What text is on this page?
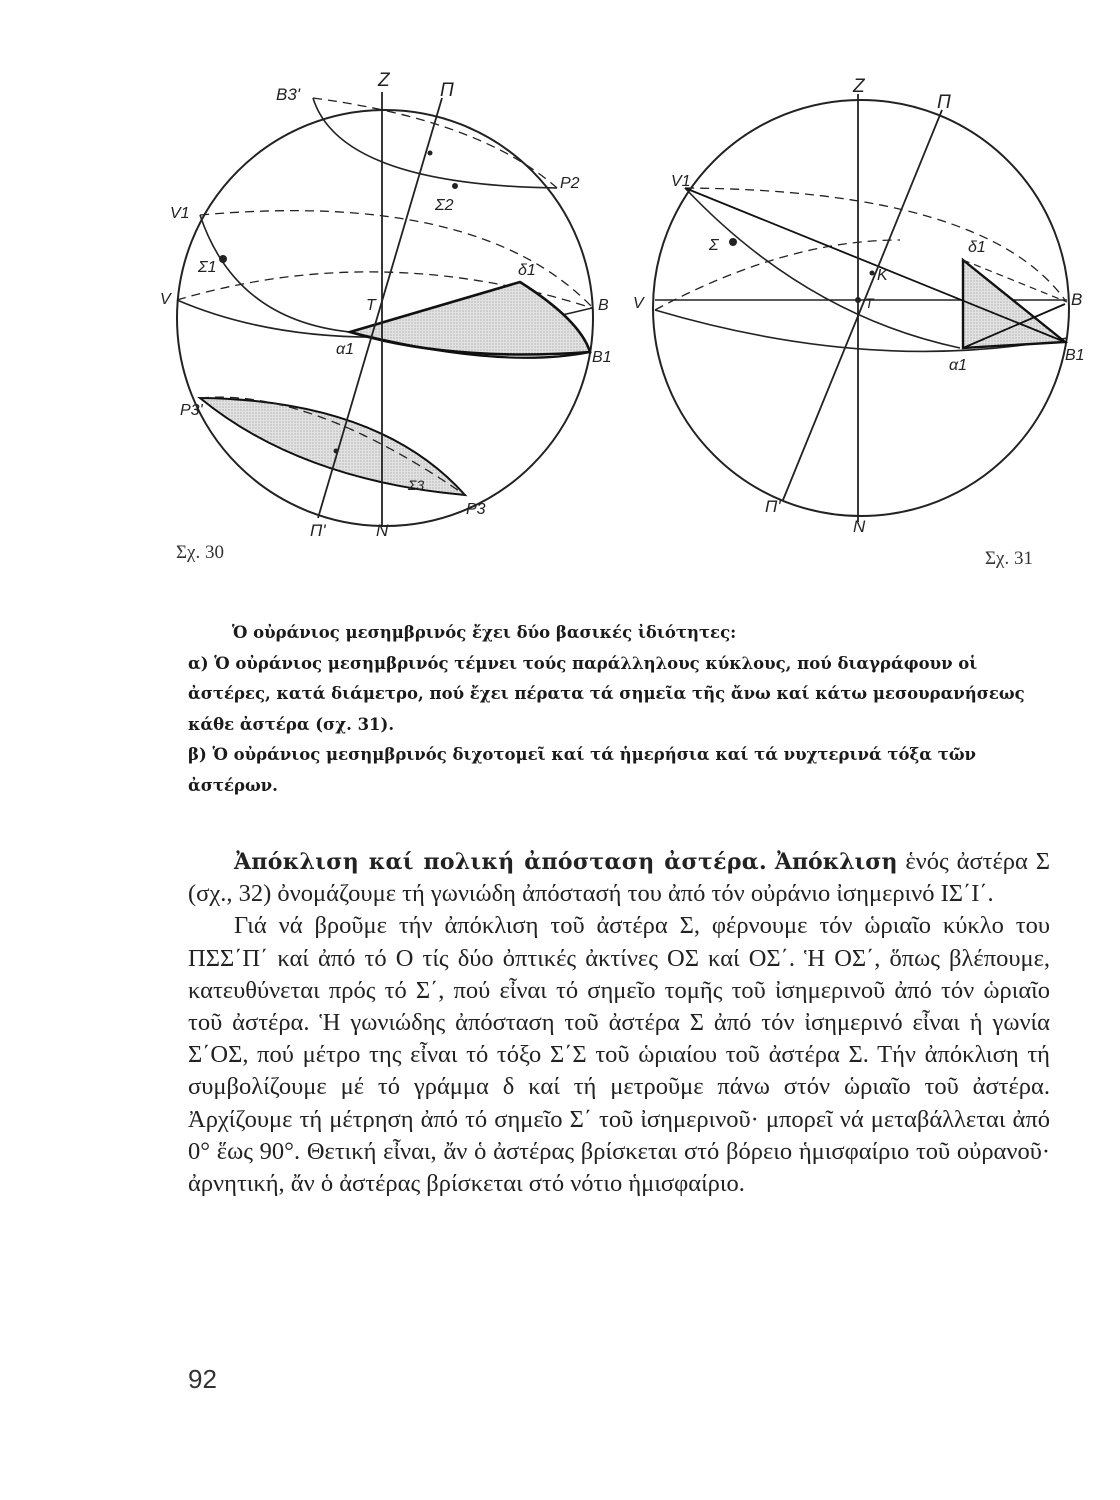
Z	Π
B3'
P2
Σ2
V1
Σ1	δ1
V	T	B
α1	B1
P3'
Σ3
Π'	N
P3
Σχ. 30
Z
Π
V1
Σ	δ1
K
V	T	B
B1
α1
Π'
N
Σχ. 31

Ὁ οὐράνιος μεσημβρινός ἔχει δύο βασικές ἰδιότητες:

α) Ὁ οὐράνιος μεσημβρινός τέμνει τούς παράλληλους κύκλους, πού διαγράφουν οἱ ἀστέρες, κατά διάμετρο, πού ἔχει πέρατα τά σημεῖα τῆς ἄνω καί κάτω μεσουρανήσεως κάθε ἀστέρα (σχ. 31).

β) Ὁ οὐράνιος μεσημβρινός διχοτομεῖ καί τά ἡμερήσια καί τά νυχτερινά τόξα τῶν ἀστέρων.

Ἀπόκλιση καί πολική ἀπόσταση ἀστέρα. Ἀπόκλιση ἑνός ἀστέρα Σ (σχ., 32) ὀνομάζουμε τή γωνιώδη ἀπόστασή του ἀπό τόν οὐράνιο ἰσημερινό ΙΣ΄Ι΄.

Γιά νά βροῦμε τήν ἀπόκλιση τοῦ ἀστέρα Σ, φέρνουμε τόν ὡριαῖο κύκλο του ΠΣΣ΄Π΄ καί ἀπό τό Ο τίς δύο ὀπτικές ἀκτίνες ΟΣ καί ΟΣ΄. Ἡ ΟΣ΄, ὅπως βλέπουμε, κατευθύνεται πρός τό Σ΄, πού εἶναι τό σημεῖο τομῆς τοῦ ἰσημερινοῦ ἀπό τόν ὡριαῖο τοῦ ἀστέρα. Ἡ γωνιώδης ἀπόσταση τοῦ ἀστέρα Σ ἀπό τόν ἰσημερινό εἶναι ἡ γωνία Σ΄ΟΣ, πού μέτρο της εἶναι τό τόξο Σ΄Σ τοῦ ὡριαίου τοῦ ἀστέρα Σ. Τήν ἀπόκλιση τή συμβολίζουμε μέ τό γράμμα δ καί τή μετροῦμε πάνω στόν ὡριαῖο τοῦ ἀστέρα. Ἀρχίζουμε τή μέτρηση ἀπό τό σημεῖο Σ΄ τοῦ ἰσημερινοῦ· μπορεῖ νά μεταβάλλεται ἀπό 0° ἕως 90°. Θετική εἶναι, ἄν ὁ ἀστέρας βρίσκεται στό βόρειο ἡμισφαίριο τοῦ οὐρανοῦ· ἀρνητική, ἄν ὁ ἀστέρας βρίσκεται στό νότιο ἡμισφαίριο.

92
